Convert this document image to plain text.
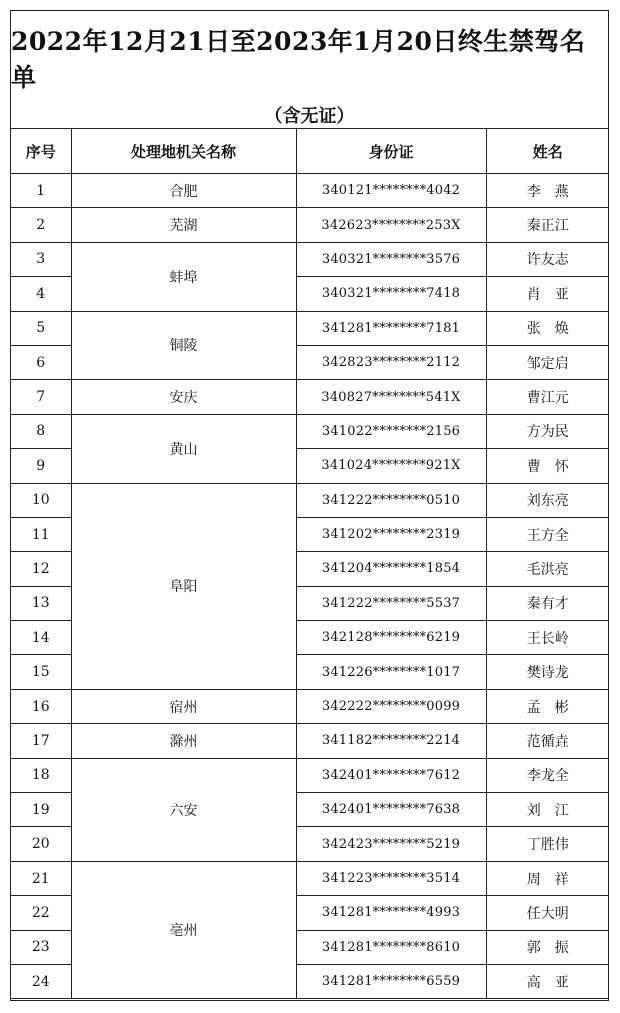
2022年12月21日至2023年1月20日终生禁驾名单
（含无证）
序号	处理地机关名称	身份证	姓名
1	合肥	340121********4042	李　燕
2	芜湖	342623********253X	秦正江
3	蚌埠	340321********3576	许友志
4		340321********7418	肖　亚
5	铜陵	341281********7181	张　焕
6		342823********2112	邹定启
7	安庆	340827********541X	曹江元
8	黄山	341022********2156	方为民
9		341024********921X	曹　怀
10	阜阳	341222********0510	刘东亮
11		341202********2319	王方全
12		341204********1854	毛洪亮
13		341222********5537	秦有才
14		342128********6219	王长岭
15		341226********1017	樊诗龙
16	宿州	342222********0099	孟　彬
17	滁州	341182********2214	范循垚
18	六安	342401********7612	李龙全
19		342401********7638	刘　江
20		342423********5219	丁胜伟
21	亳州	341223********3514	周　祥
22		341281********4993	任大明
23		341281********8610	郭　振
24		341281********6559	高　亚
